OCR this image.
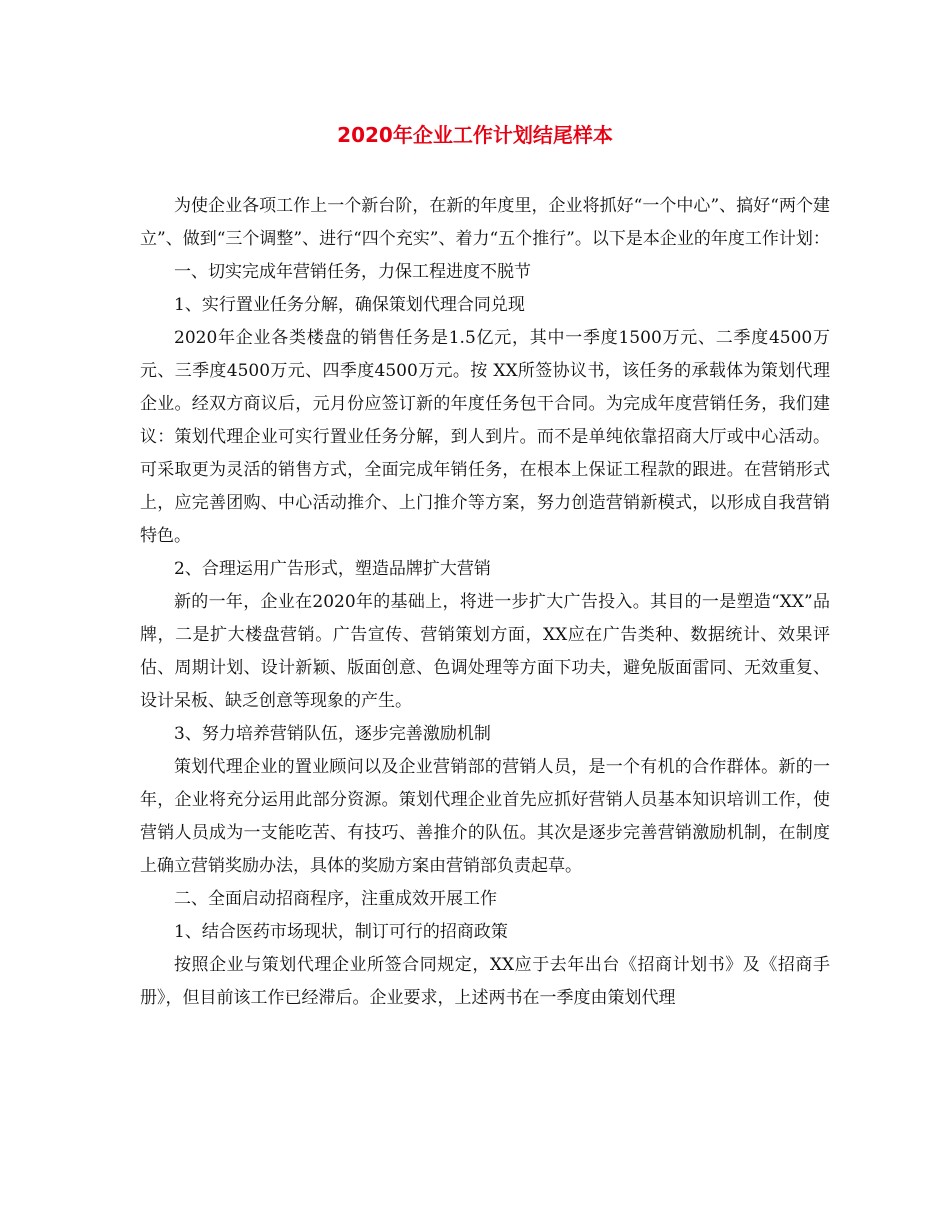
2020年企业工作计划结尾样本

为使企业各项工作上一个新台阶，在新的年度里，企业将抓好“一个中心”、搞好“两个建立”、做到“三个调整”、进行“四个充实”、着力“五个推行”。以下是本企业的年度工作计划：

一、切实完成年营销任务，力保工程进度不脱节

1、实行置业任务分解，确保策划代理合同兑现

2020年企业各类楼盘的销售任务是1.5亿元，其中一季度1500万元、二季度4500万元、三季度4500万元、四季度4500万元。按 XX所签协议书，该任务的承载体为策划代理企业。经双方商议后，元月份应签订新的年度任务包干合同。为完成年度营销任务，我们建议：策划代理企业可实行置业任务分解，到人到片。而不是单纯依靠招商大厅或中心活动。可采取更为灵活的销售方式，全面完成年销任务，在根本上保证工程款的跟进。在营销形式上，应完善团购、中心活动推介、上门推介等方案，努力创造营销新模式，以形成自我营销特色。

2、合理运用广告形式，塑造品牌扩大营销

新的一年，企业在2020年的基础上，将进一步扩大广告投入。其目的一是塑造“XX”品牌，二是扩大楼盘营销。广告宣传、营销策划方面，XX应在广告类种、数据统计、效果评估、周期计划、设计新颖、版面创意、色调处理等方面下功夫，避免版面雷同、无效重复、设计呆板、缺乏创意等现象的产生。

3、努力培养营销队伍，逐步完善激励机制

策划代理企业的置业顾问以及企业营销部的营销人员，是一个有机的合作群体。新的一年，企业将充分运用此部分资源。策划代理企业首先应抓好营销人员基本知识培训工作，使营销人员成为一支能吃苦、有技巧、善推介的队伍。其次是逐步完善营销激励机制，在制度上确立营销奖励办法，具体的奖励方案由营销部负责起草。

二、全面启动招商程序，注重成效开展工作

1、结合医药市场现状，制订可行的招商政策

按照企业与策划代理企业所签合同规定，XX应于去年出台《招商计划书》及《招商手册》，但目前该工作已经滞后。企业要求，上述两书在一季度由策划代理
